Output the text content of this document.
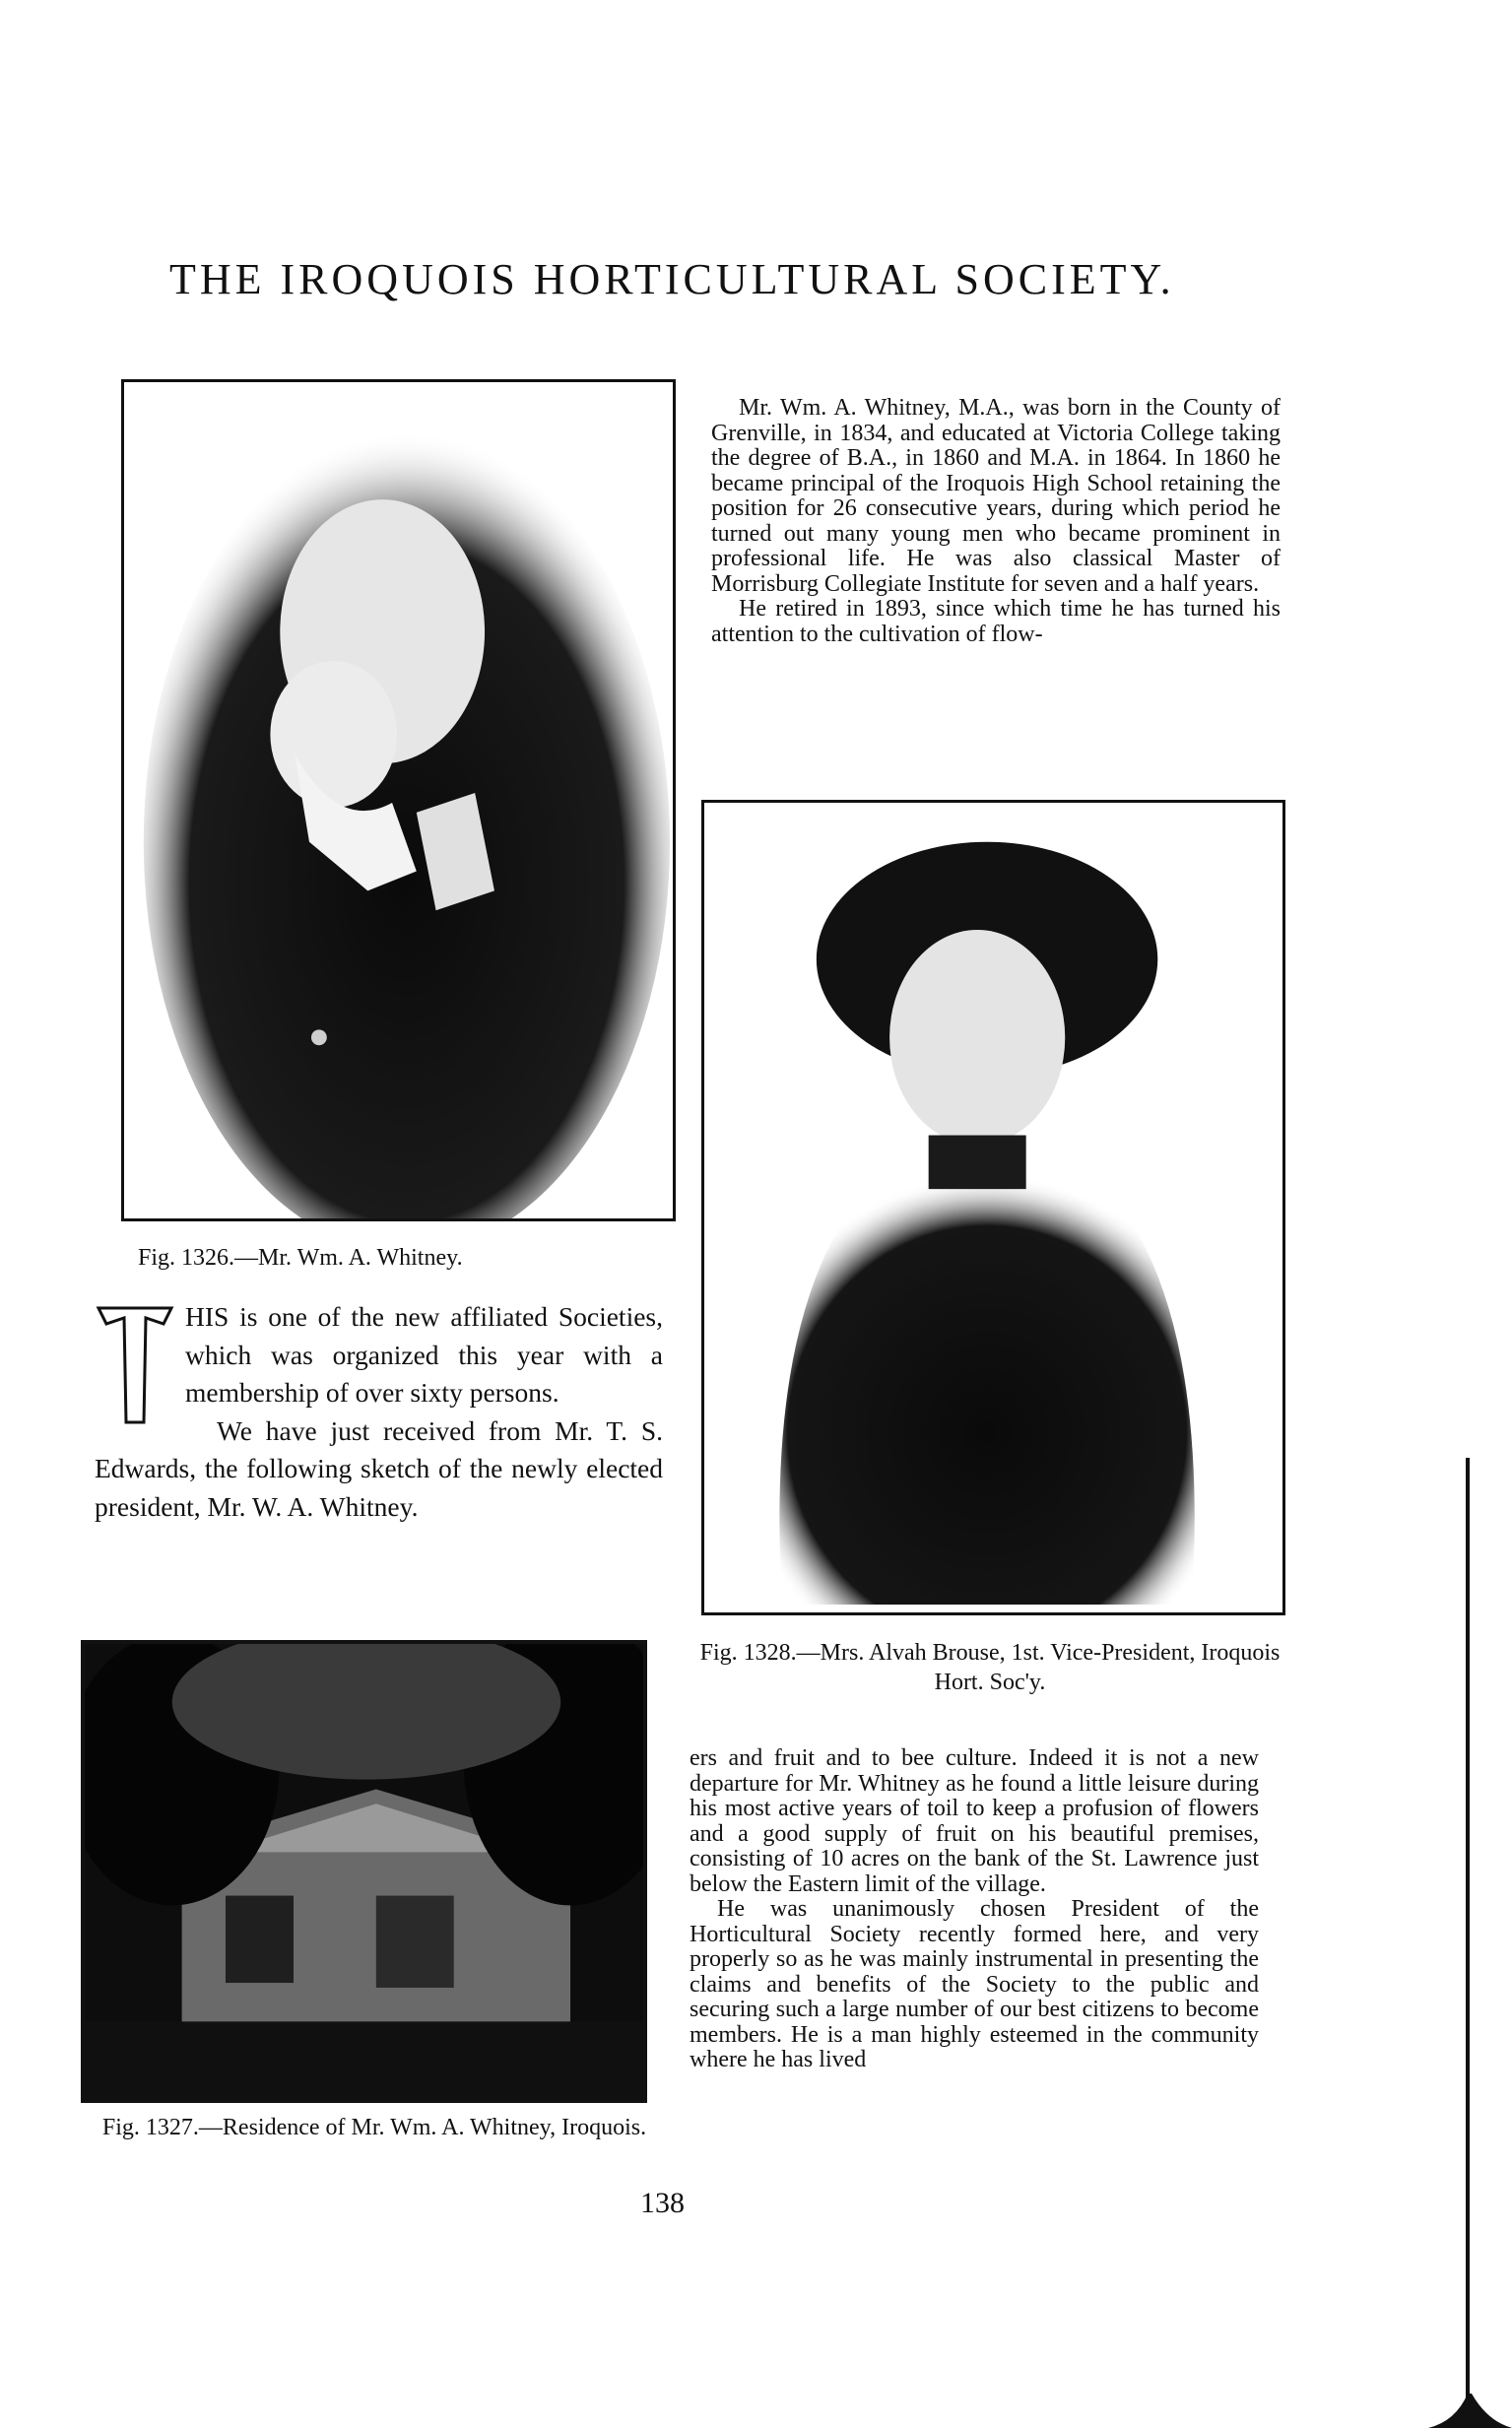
THE IROQUOIS HORTICULTURAL SOCIETY.
Fig. 1326.—Mr. Wm. A. Whitney.
Fig. 1328.—Mrs. Alvah Brouse, 1st. Vice-President, Iroquois Hort. Soc'y.
Fig. 1327.—Residence of Mr. Wm. A. Whitney, Iroquois.

HIS is one of the new affiliated Societies, which was organized this year with a membership of over sixty persons.

We have just received from Mr. T. S. Edwards, the following sketch of the newly elected president, Mr. W. A. Whitney.

Mr. Wm. A. Whitney, M.A., was born in the County of Grenville, in 1834, and educated at Victoria College taking the degree of B.A., in 1860 and M.A. in 1864. In 1860 he became principal of the Iroquois High School retaining the position for 26 consecutive years, during which period he turned out many young men who became prominent in professional life. He was also classical Master of Morrisburg Collegiate Institute for seven and a half years.

He retired in 1893, since which time he has turned his attention to the cultivation of flow-

ers and fruit and to bee culture. Indeed it is not a new departure for Mr. Whitney as he found a little leisure during his most active years of toil to keep a profusion of flowers and a good supply of fruit on his beautiful premises, consisting of 10 acres on the bank of the St. Lawrence just below the Eastern limit of the village.

He was unanimously chosen President of the Horticultural Society recently formed here, and very properly so as he was mainly instrumental in presenting the claims and benefits of the Society to the public and securing such a large number of our best citizens to become members. He is a man highly esteemed in the community where he has lived

138
